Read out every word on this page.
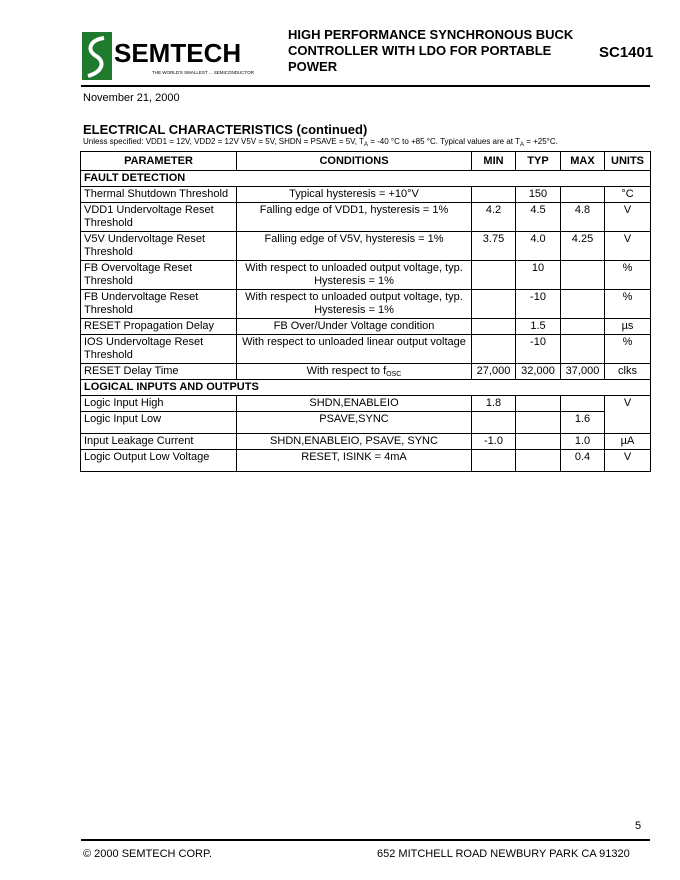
SEMTECH
THE WORLD'S SMALLEST ... SEMICONDUCTOR
HIGH PERFORMANCE SYNCHRONOUS BUCK
CONTROLLER WITH LDO FOR PORTABLE
POWER
SC1401
November 21, 2000
ELECTRICAL CHARACTERISTICS (continued)
Unless specified: VDD1 = 12V, VDD2 = 12V V5V = 5V, SHDN = PSAVE = 5V, $T_A = -40$ °C to +85 °C. Typical values are at $T_A = +25^\circ C$.
PARAMETER	CONDITIONS	MIN	TYP	MAX	UNITS
FAULT DETECTION					
Thermal Shutdown Threshold	Typical hysteresis = +10°V		150		°C
VDD1 Undervoltage Reset Threshold	Falling edge of VDD1, hysteresis = 1%	4.2	4.5	4.8	V
V5V Undervoltage Reset Threshold	Falling edge of V5V, hysteresis = 1%	3.75	4.0	4.25	V
FB Overvoltage Reset Threshold	With respect to unloaded output voltage, typ. Hysteresis = 1%		10		%
FB Undervoltage Reset Threshold	With respect to unloaded output voltage, typ. Hysteresis = 1%		-10		%
RESET Propagation Delay	FB Over/Under Voltage condition		1.5		µs
IOS Undervoltage Reset Threshold	With respect to unloaded linear output voltage		-10		%
RESET Delay Time	With respect to $f_{OSC}$	27,000	32,000	37,000	clks
LOGICAL INPUTS AND OUTPUTS					
Logic Input High	SHDN,ENABLEIO	1.8			V
Logic Input Low	PSAVE,SYNC			1.6	
Input Leakage Current	SHDN,ENABLEIO, PSAVE, SYNC	-1.0		1.0	µA
Logic Output Low Voltage	RESET, ISINK = 4mA			0.4	V
5
© 2000 SEMTECH CORP.	652 MITCHELL ROAD NEWBURY PARK CA 91320
